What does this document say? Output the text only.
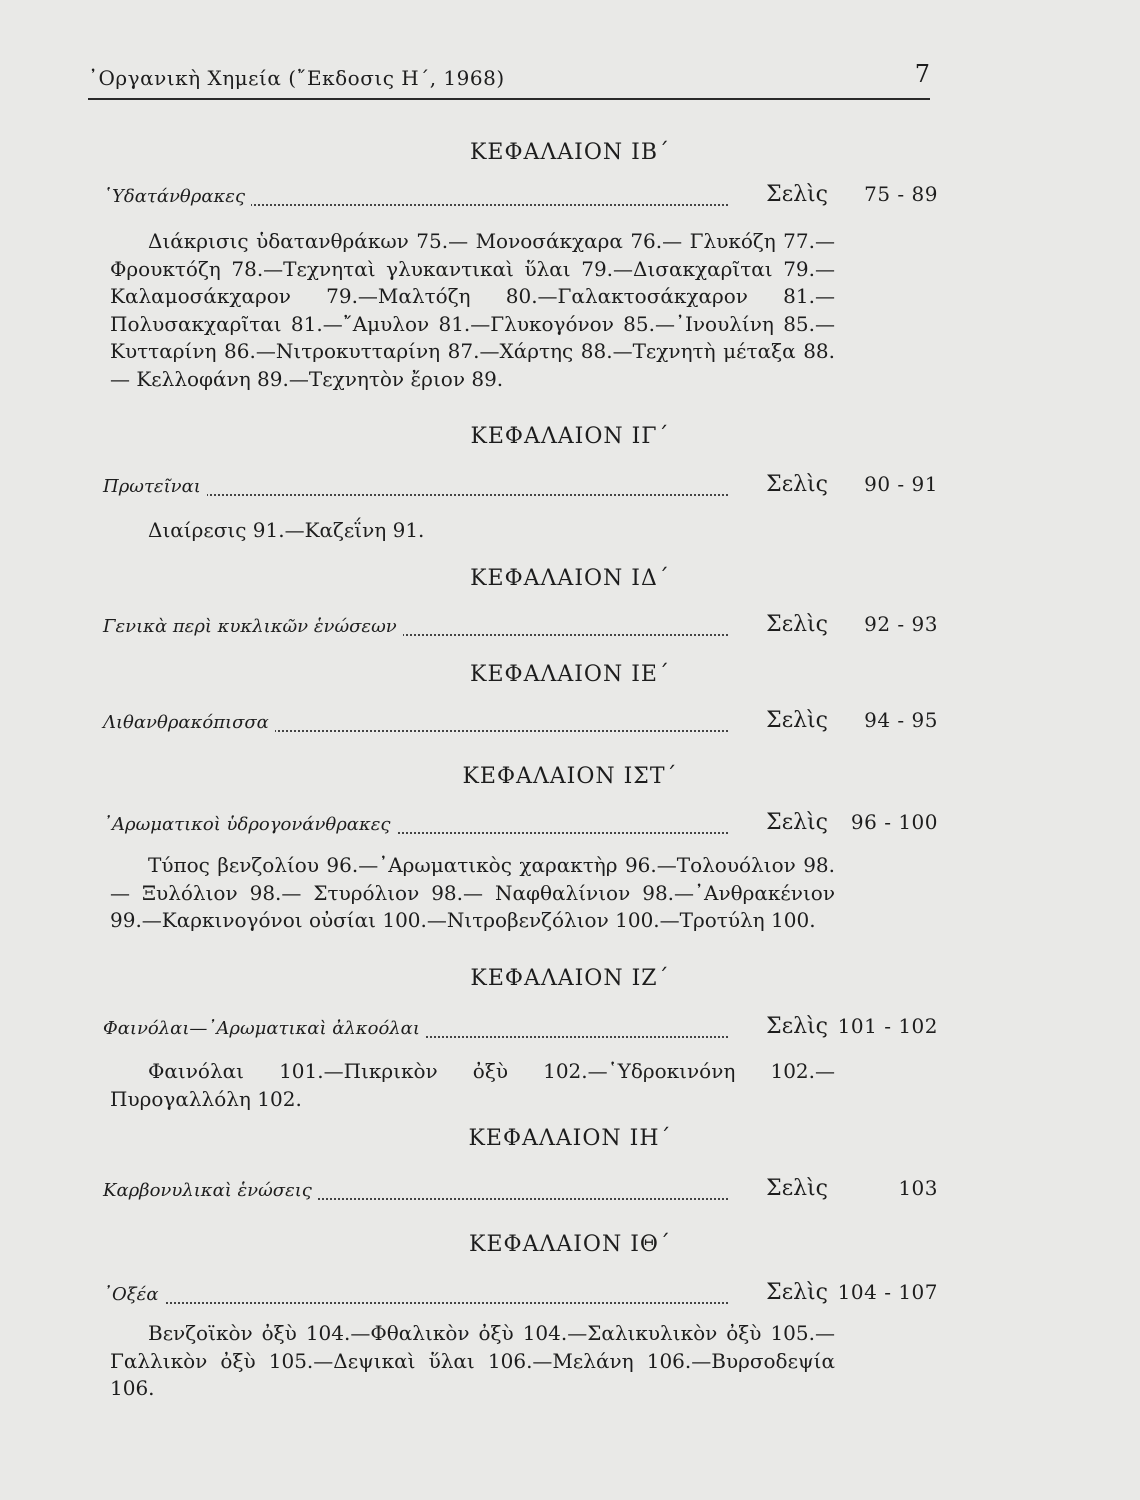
᾿Οργανικὴ Χημεία (῎Εκδοσις Η΄, 1968)	7
ΚΕΦΑΛΑΙΟΝ ΙΒ΄
῾Υδατάνθρακες	Σελὶς	75 - 89
Διάκρισις ὑδατανθράκων 75.— Μονοσάκχαρα 76.— Γλυκόζη 77.— Φρουκτόζη 78.—Τεχνηταὶ γλυκαντικαὶ ὕλαι 79.—Δισακχαρῖται 79.— Καλαμοσάκχαρον 79.—Μαλτόζη 80.—Γαλακτοσάκχαρον 81.—Πολυσακχαρῖται 81.—῎Αμυλον 81.—Γλυκογόνον 85.—᾿Ινουλίνη 85.—Κυτταρίνη 86.—Νιτροκυτταρίνη 87.—Χάρτης 88.—Τεχνητὴ μέταξα 88.— Κελλοφάνη 89.—Τεχνητὸν ἔριον 89.
ΚΕΦΑΛΑΙΟΝ ΙΓ΄
Πρωτεῖναι	Σελὶς	90 - 91
Διαίρεσις 91.—Καζεΐνη 91.
ΚΕΦΑΛΑΙΟΝ ΙΔ΄
Γενικὰ περὶ κυκλικῶν ἑνώσεων	Σελὶς	92 - 93
ΚΕΦΑΛΑΙΟΝ ΙΕ΄
Λιθανθρακόπισσα	Σελὶς	94 - 95
ΚΕΦΑΛΑΙΟΝ ΙΣΤ΄
᾿Αρωματικοὶ ὑδρογονάνθρακες	Σελὶς	96 - 100
Τύπος βενζολίου 96.—᾿Αρωματικὸς χαρακτὴρ 96.—Τολουόλιον 98. — Ξυλόλιον 98.— Στυρόλιον 98.— Ναφθαλίνιον 98.—᾿Ανθρακένιον 99.—Καρκινογόνοι οὐσίαι 100.—Νιτροβενζόλιον 100.—Τροτύλη 100.
ΚΕΦΑΛΑΙΟΝ ΙΖ΄
Φαινόλαι—᾿Αρωματικαὶ ἀλκοόλαι	Σελὶς 101 - 102
Φαινόλαι 101.—Πικρικὸν ὀξὺ 102.—῾Υδροκινόνη 102.—Πυρογαλλόλη 102.
ΚΕΦΑΛΑΙΟΝ ΙΗ΄
Καρβονυλικαὶ ἑνώσεις	Σελὶς	103
ΚΕΦΑΛΑΙΟΝ ΙΘ΄
᾿Οξέα	Σελὶς 104 - 107
Βενζοϊκὸν ὀξὺ 104.—Φθαλικὸν ὀξὺ 104.—Σαλικυλικὸν ὀξὺ 105.— Γαλλικὸν ὀξὺ 105.—Δεψικαὶ ὕλαι 106.—Μελάνη 106.—Βυρσοδεψία 106.
